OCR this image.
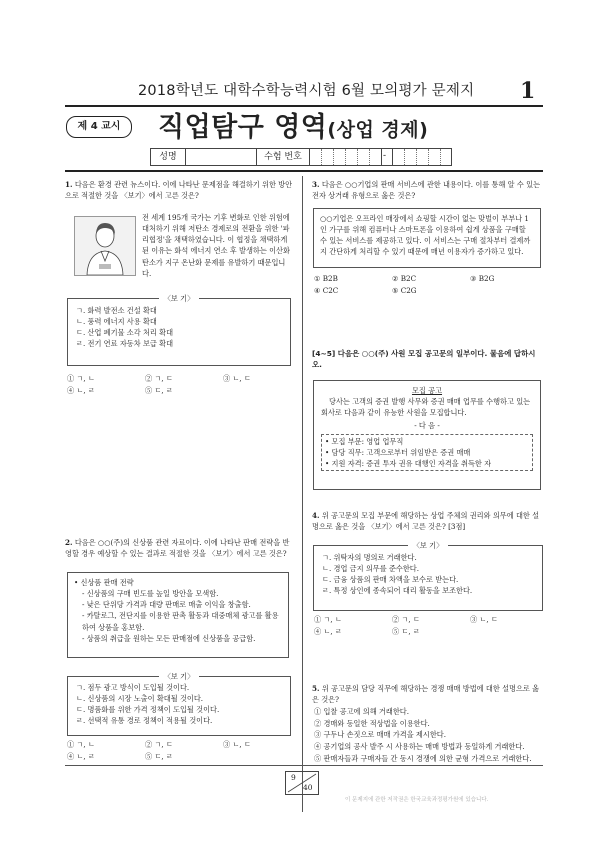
2018학년도 대학수학능력시험 6월 모의평가 문제지 1
제 4 교시	직업탐구 영역(상업 경제)
성명	수험 번호	-
1. 다음은 환경 관련 뉴스이다. 이에 나타난 문제점을 해결하기 위한 방안으로 적절한 것을 〈보기〉에서 고른 것은?
전 세계 195개 국가는 기후 변화로 인한 위험에 대처하기 위해 저탄소 경제로의 전환을 위한 '파리협정'을 채택하였습니다. 이 협정을 채택하게 된 이유는 화석 에너지 연소 후 발생하는 이산화탄소가 지구 온난화 문제를 유발하기 때문입니다.
〈보 기〉
ㄱ. 화력 발전소 건설 확대
ㄴ. 풍력 에너지 사용 확대
ㄷ. 산업 폐기물 소각 처리 확대
ㄹ. 전기 연료 자동차 보급 확대
① ㄱ, ㄴ	② ㄱ, ㄷ	③ ㄴ, ㄷ
④ ㄴ, ㄹ	⑤ ㄷ, ㄹ
2. 다음은 ○○(주)의 신상품 관련 자료이다. 이에 나타난 판매 전략을 반영할 경우 예상할 수 있는 결과로 적절한 것을 〈보기〉에서 고른 것은?
• 신상품 판매 전략
- 신상품의 구매 빈도를 높일 방안을 모색함.
- 낮은 단위당 가격과 대량 판매로 매출 이익을 창출함.
- 카탈로그, 전단지를 이용한 판촉 활동과 대중매체 광고를 활용하여 상품을 홍보함.
- 상품의 취급을 원하는 모든 판매점에 신상품을 공급함.
〈보 기〉
ㄱ. 점두 광고 방식이 도입될 것이다.
ㄴ. 신상품의 시장 노출이 확대될 것이다.
ㄷ. 명품화를 위한 가격 정책이 도입될 것이다.
ㄹ. 선택적 유통 경로 정책이 적용될 것이다.
① ㄱ, ㄴ	② ㄱ, ㄷ	③ ㄴ, ㄷ
④ ㄴ, ㄹ	⑤ ㄷ, ㄹ
3. 다음은 ○○기업의 판매 서비스에 관한 내용이다. 이를 통해 알 수 있는 전자 상거래 유형으로 옳은 것은?
○○기업은 오프라인 매장에서 쇼핑할 시간이 없는 맞벌이 부부나 1인 가구를 위해 컴퓨터나 스마트폰을 이용하여 쉽게 상품을 구매할 수 있는 서비스를 제공하고 있다. 이 서비스는 구매 절차부터 결제까지 간단하게 처리할 수 있기 때문에 매년 이용자가 증가하고 있다.
① B2B	② B2C	③ B2G
④ C2C	⑤ C2G
[4~5] 다음은 ○○(주) 사원 모집 공고문의 일부이다. 물음에 답하시오.
모집 공고
당사는 고객의 증권 발행 사무와 증권 매매 업무를 수행하고 있는 회사로 다음과 같이 유능한 사원을 모집합니다.
- 다 음 -
• 모집 부문: 영업 업무직
• 담당 직무: 고객으로부터 위임받은 증권 매매
• 지원 자격: 증권 투자 권유 대행인 자격을 취득한 자
4. 위 공고문의 모집 부문에 해당하는 상업 주체의 권리와 의무에 대한 설명으로 옳은 것을 〈보기〉에서 고른 것은? [3점]
〈보 기〉
ㄱ. 위탁자의 명의로 거래한다.
ㄴ. 경업 금지 의무를 준수한다.
ㄷ. 금융 상품의 판매 차액을 보수로 받는다.
ㄹ. 특정 상인에 종속되어 대리 활동을 보조한다.
① ㄱ, ㄴ	② ㄱ, ㄷ	③ ㄴ, ㄷ
④ ㄴ, ㄹ	⑤ ㄷ, ㄹ
5. 위 공고문의 담당 직무에 해당하는 경쟁 매매 방법에 대한 설명으로 옳은 것은?
① 입찰 공고에 의해 거래한다.
② 경매와 동일한 적상법을 이용한다.
③ 구두나 손짓으로 매매 가격을 제시한다.
④ 공기업의 공사 발주 시 사용하는 매매 방법과 동일하게 거래한다.
⑤ 판매자들과 구매자들 간 동시 경쟁에 의한 균형 가격으로 거래한다.
9
40
이 문제지에 관한 저작권은 한국교육과정평가원에 있습니다.
